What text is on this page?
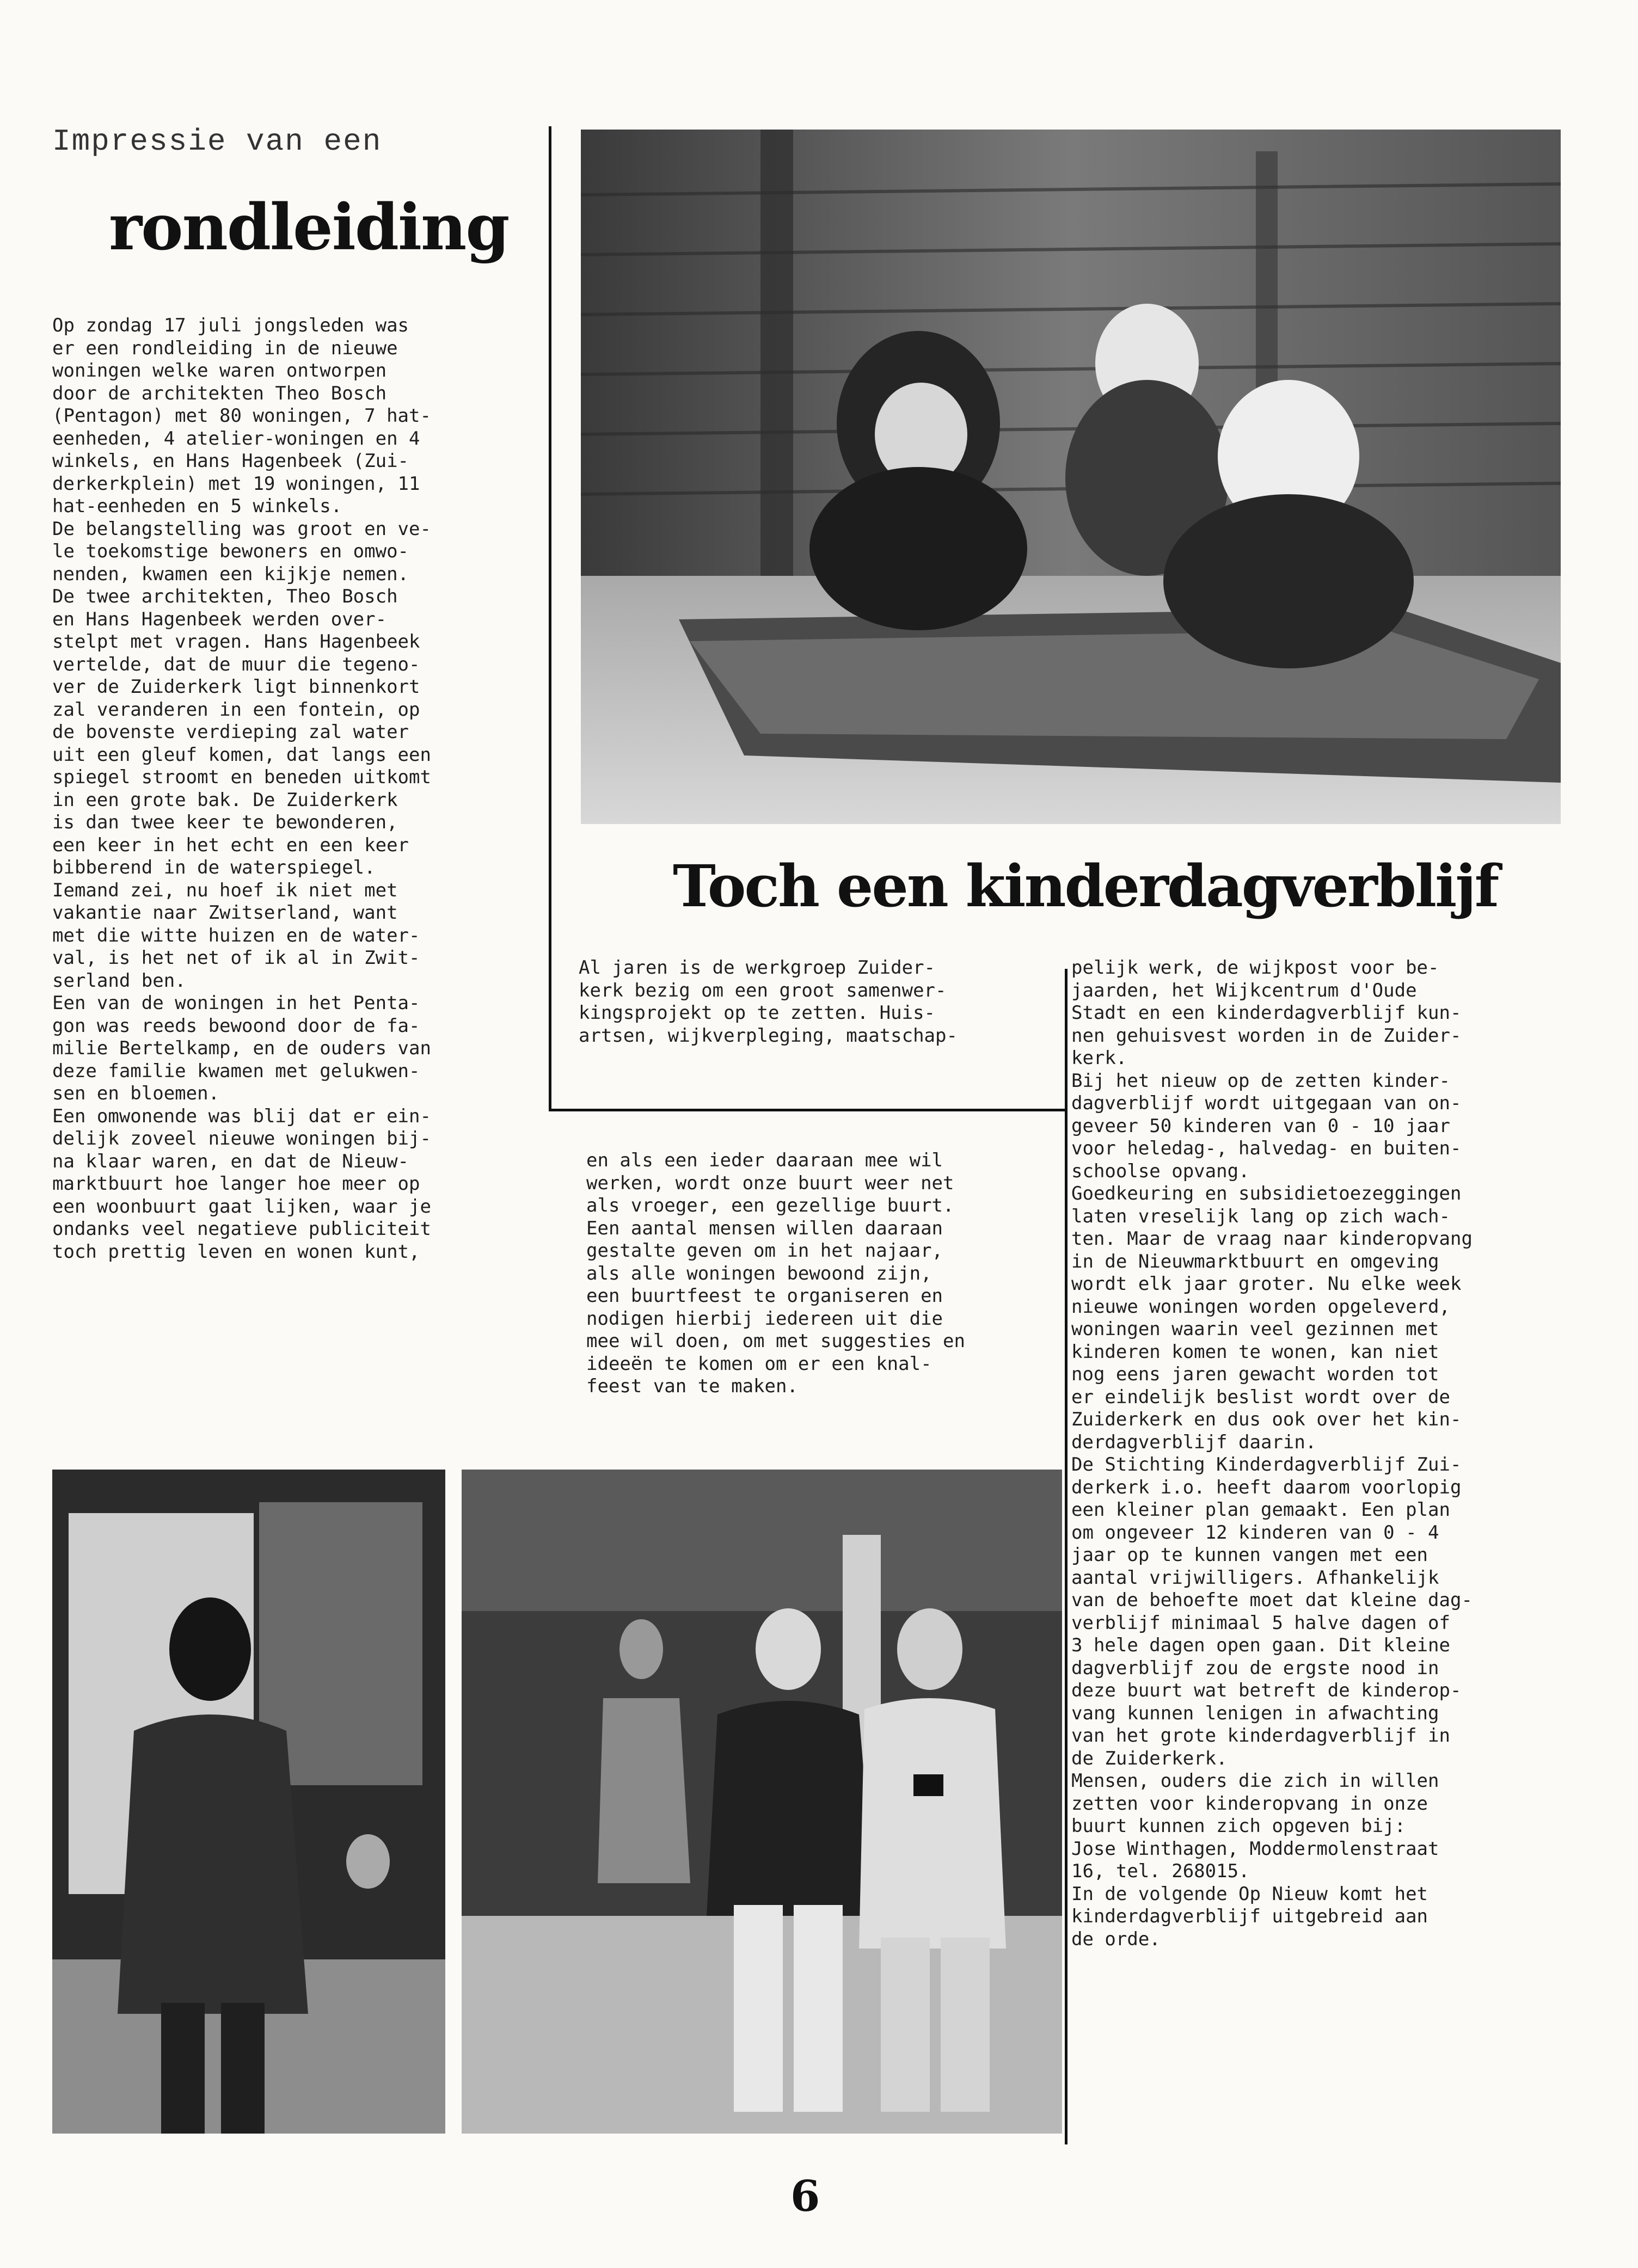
Impressie van een
rondleiding

Op zondag 17 juli jongsleden was

er een rondleiding in de nieuwe

woningen welke waren ontworpen

door de architekten Theo Bosch

(Pentagon) met 80 woningen, 7 hat-

eenheden, 4 atelier-woningen en 4

winkels, en Hans Hagenbeek (Zui-

derkerkplein) met 19 woningen, 11

hat-eenheden en 5 winkels.

De belangstelling was groot en ve-

le toekomstige bewoners en omwo-

nenden, kwamen een kijkje nemen.

De twee architekten, Theo Bosch

en Hans Hagenbeek werden over-

stelpt met vragen. Hans Hagenbeek

vertelde, dat de muur die tegeno-

ver de Zuiderkerk ligt binnenkort

zal veranderen in een fontein, op

de bovenste verdieping zal water

uit een gleuf komen, dat langs een

spiegel stroomt en beneden uitkomt

in een grote bak. De Zuiderkerk

is dan twee keer te bewonderen,

een keer in het echt en een keer

bibberend in de waterspiegel.

Iemand zei, nu hoef ik niet met

vakantie naar Zwitserland, want

met die witte huizen en de water-

val, is het net of ik al in Zwit-

serland ben.

Een van de woningen in het Penta-

gon was reeds bewoond door de fa-

milie Bertelkamp, en de ouders van

deze familie kwamen met gelukwen-

sen en bloemen.

Een omwonende was blij dat er ein-

delijk zoveel nieuwe woningen bij-

na klaar waren, en dat de Nieuw-

marktbuurt hoe langer hoe meer op

een woonbuurt gaat lijken, waar je

ondanks veel negatieve publiciteit

toch prettig leven en wonen kunt,

Toch een kinderdagverblijf

Al jaren is de werkgroep Zuider-

kerk bezig om een groot samenwer-

kingsprojekt op te zetten. Huis-

artsen, wijkverpleging, maatschap-

en als een ieder daaraan mee wil

werken, wordt onze buurt weer net

als vroeger, een gezellige buurt.

Een aantal mensen willen daaraan

gestalte geven om in het najaar,

als alle woningen bewoond zijn,

een buurtfeest te organiseren en

nodigen hierbij iedereen uit die

mee wil doen, om met suggesties en

ideeën te komen om er een knal-

feest van te maken.

pelijk werk, de wijkpost voor be-

jaarden, het Wijkcentrum d'Oude

Stadt en een kinderdagverblijf kun-

nen gehuisvest worden in de Zuider-

kerk.

Bij het nieuw op de zetten kinder-

dagverblijf wordt uitgegaan van on-

geveer 50 kinderen van 0 - 10 jaar

voor heledag-, halvedag- en buiten-

schoolse opvang.

Goedkeuring en subsidietoezeggingen

laten vreselijk lang op zich wach-

ten. Maar de vraag naar kinderopvang

in de Nieuwmarktbuurt en omgeving

wordt elk jaar groter. Nu elke week

nieuwe woningen worden opgeleverd,

woningen waarin veel gezinnen met

kinderen komen te wonen, kan niet

nog eens jaren gewacht worden tot

er eindelijk beslist wordt over de

Zuiderkerk en dus ook over het kin-

derdagverblijf daarin.

De Stichting Kinderdagverblijf Zui-

derkerk i.o. heeft daarom voorlopig

een kleiner plan gemaakt. Een plan

om ongeveer 12 kinderen van 0 - 4

jaar op te kunnen vangen met een

aantal vrijwilligers. Afhankelijk

van de behoefte moet dat kleine dag-

verblijf minimaal 5 halve dagen of

3 hele dagen open gaan. Dit kleine

dagverblijf zou de ergste nood in

deze buurt wat betreft de kinderop-

vang kunnen lenigen in afwachting

van het grote kinderdagverblijf in

de Zuiderkerk.

Mensen, ouders die zich in willen

zetten voor kinderopvang in onze

buurt kunnen zich opgeven bij:

Jose Winthagen, Moddermolenstraat

16, tel. 268015.

In de volgende Op Nieuw komt het

kinderdagverblijf uitgebreid aan

de orde.

6
